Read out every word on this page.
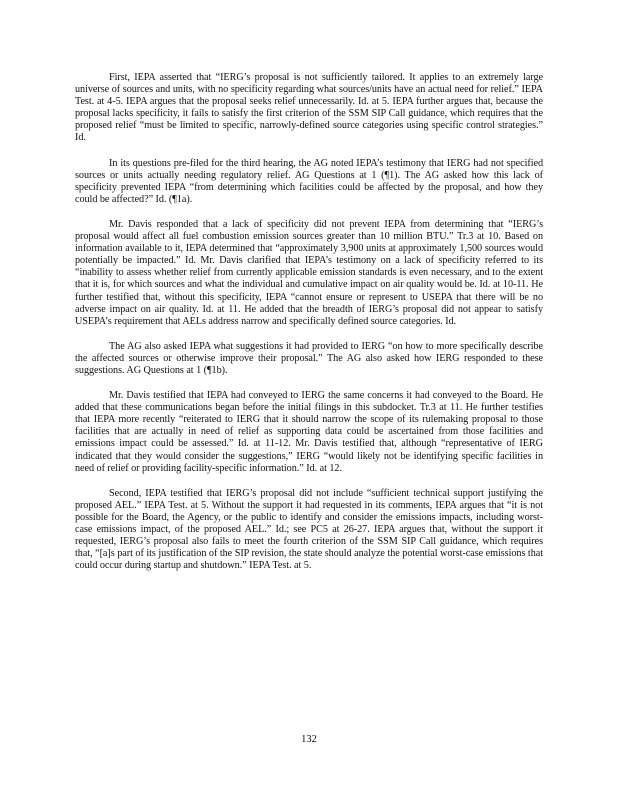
First, IEPA asserted that “IERG’s proposal is not sufficiently tailored. It applies to an extremely large universe of sources and units, with no specificity regarding what sources/units have an actual need for relief.” IEPA Test. at 4-5. IEPA argues that the proposal seeks relief unnecessarily. Id. at 5. IEPA further argues that, because the proposal lacks specificity, it fails to satisfy the first criterion of the SSM SIP Call guidance, which requires that the proposed relief “must be limited to specific, narrowly-defined source categories using specific control strategies.” Id.

In its questions pre-filed for the third hearing, the AG noted IEPA’s testimony that IERG had not specified sources or units actually needing regulatory relief. AG Questions at 1 (¶1). The AG asked how this lack of specificity prevented IEPA “from determining which facilities could be affected by the proposal, and how they could be affected?” Id. (¶1a).

Mr. Davis responded that a lack of specificity did not prevent IEPA from determining that “IERG’s proposal would affect all fuel combustion emission sources greater than 10 million BTU.” Tr.3 at 10. Based on information available to it, IEPA determined that “approximately 3,900 units at approximately 1,500 sources would potentially be impacted.” Id. Mr. Davis clarified that IEPA’s testimony on a lack of specificity referred to its “inability to assess whether relief from currently applicable emission standards is even necessary, and to the extent that it is, for which sources and what the individual and cumulative impact on air quality would be. Id. at 10-11. He further testified that, without this specificity, IEPA “cannot ensure or represent to USEPA that there will be no adverse impact on air quality. Id. at 11. He added that the breadth of IERG’s proposal did not appear to satisfy USEPA’s requirement that AELs address narrow and specifically defined source categories. Id.

The AG also asked IEPA what suggestions it had provided to IERG “on how to more specifically describe the affected sources or otherwise improve their proposal.” The AG also asked how IERG responded to these suggestions. AG Questions at 1 (¶1b).

Mr. Davis testified that IEPA had conveyed to IERG the same concerns it had conveyed to the Board. He added that these communications began before the initial filings in this subdocket. Tr.3 at 11. He further testifies that IEPA more recently “reiterated to IERG that it should narrow the scope of its rulemaking proposal to those facilities that are actually in need of relief as supporting data could be ascertained from those facilities and emissions impact could be assessed.” Id. at 11-12. Mr. Davis testified that, although “representative of IERG indicated that they would consider the suggestions,” IERG “would likely not be identifying specific facilities in need of relief or providing facility-specific information.” Id. at 12.

Second, IEPA testified that IERG’s proposal did not include “sufficient technical support justifying the proposed AEL.” IEPA Test. at 5. Without the support it had requested in its comments, IEPA argues that “it is not possible for the Board, the Agency, or the public to identify and consider the emissions impacts, including worst-case emissions impact, of the proposed AEL.” Id.; see PC5 at 26-27. IEPA argues that, without the support it requested, IERG’s proposal also fails to meet the fourth criterion of the SSM SIP Call guidance, which requires that, “[a]s part of its justification of the SIP revision, the state should analyze the potential worst-case emissions that could occur during startup and shutdown.” IEPA Test. at 5.

132
